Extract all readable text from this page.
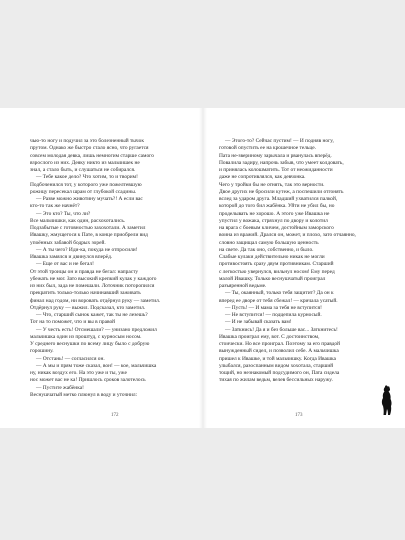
чью-то ногу и подучил за это болезненный тычок
прутом. Однако же быстро стало ясно, что ругается
совсем молодая девка, лишь немногим старше самого
взрослого из них. Деяку никто из мальчишек не
знал, а стало быть, и слушаться не собирался.
— Тебе какое дело? Что хотим, то и творим!
Подбоченился тот, у которого уже пожелтевшую
рожицу пересекал шрам от глубокой ссадины.
— Разве можно животину мучать?! А если вас
кто-то так же начнёт?
— Это кто? Ты, что ли?
Все мальчишки, как один, расхохотались.
Подзабытые с готовностью захохотали. А заметил
Ивашку, жмущегося к Пате, в конце приобрели вид
упоённых забавой бодрых зорей.
— А ты чего? Иди-ка, покуда не отпросили!
Ивашка замялся и двинулся вперёд.
— Еще от вас и не бегал!
От этой троицы он и правда не бегал: напрасту
убежать не мог. Зато высокий крепкий кулак у каждого
из них был, зада не помешали. Лоточник поторопился
прекратить только-только начинавший заживать
финал над годом, ни воровать отдёрнул руку — заметил.
Отдёрнул руку — выжил. Подсказал, кто заметил.
— Что, старший сынок кажет, так ты не лезешь?
Тот на то поможет, что и вы в правой
— У честь есть! Отсмешали? — унизано предложил
мальчишка один из проштуд, с курносым носом.
У среднего веснушки по всему лицу было с добрую
горошину.
— Отстань! — согласился он.
— А мы и прям тоже сказал, вон! — кое, мальчишка
ну, никак воздух его. На это уже и ты, уже
нос может вас не ка! Пришлось сроков залотелось
— Пустите жабёнка!
Веснушчатый метко плюнул в воду и уточнил:
172
— Этого-то? Сейчас пустим! — И подняв ногу,
готовой опустить ее на крошечное тельце.
Пата не-звериному зарычала и рванулась вперёд.
Повалила задиру, напрочь забыв, что умеет колдовать,
и принялась колошматить. Тот от неожиданности
даже не сопротивлялся, как девчонка.
Чего у тройки бы не отнять, так это верности.
Двое других не бросили кутеж, а поспешили отгонять
вслед за ударом друга. Младший ухватился палкой,
которой до того бил жабёнка. Уйти не убил бы, но
проделывать не хорошо. А этого уже Ивашка не
упустил у вожака, стряхнул по двору и колотил
на врага с боевым кличем, достойным заморского
воина из вражий. Дрался он, может, и плохо, зато отчаянно,
словно защищал самую большую ценность
на свете. Да так оно, собственно, и было.
Слабые кулаки действительно никак не могли
противостоять сразу двум противникам. Старший
с легкостью увернулся, вильнул носом! Ему перед
малой Ивашку. Только веснушчатый проиграл
разъяренной ведьме.
— Ты, окаянный, только тебя защитит? Да он к
вперед ее дворе от тебя сбежал! — кричала усатый.
— Пусть! — И мама за тебя не вступится!
— Не вступится! — подцепила курносый.
— И не забывай сказать вам!
— Заткнись! Да я и без больше вас... Заткнитесь!
Ивашка проиграл ему, вот. С достоинством,
стоически. Но все проиграл. Поэтому за его правдой
вынужденный сидел, и позволил себе. А мальчишка
пришел к Ивашке, и той мальчишку. Когда Ивашка
улыбался, разоспанным видом хохотала, старший
тощий, но незнакомый подсудимого он, Пата сидела
тихая по жилам ведьм, велев бессильных наружу.
173
